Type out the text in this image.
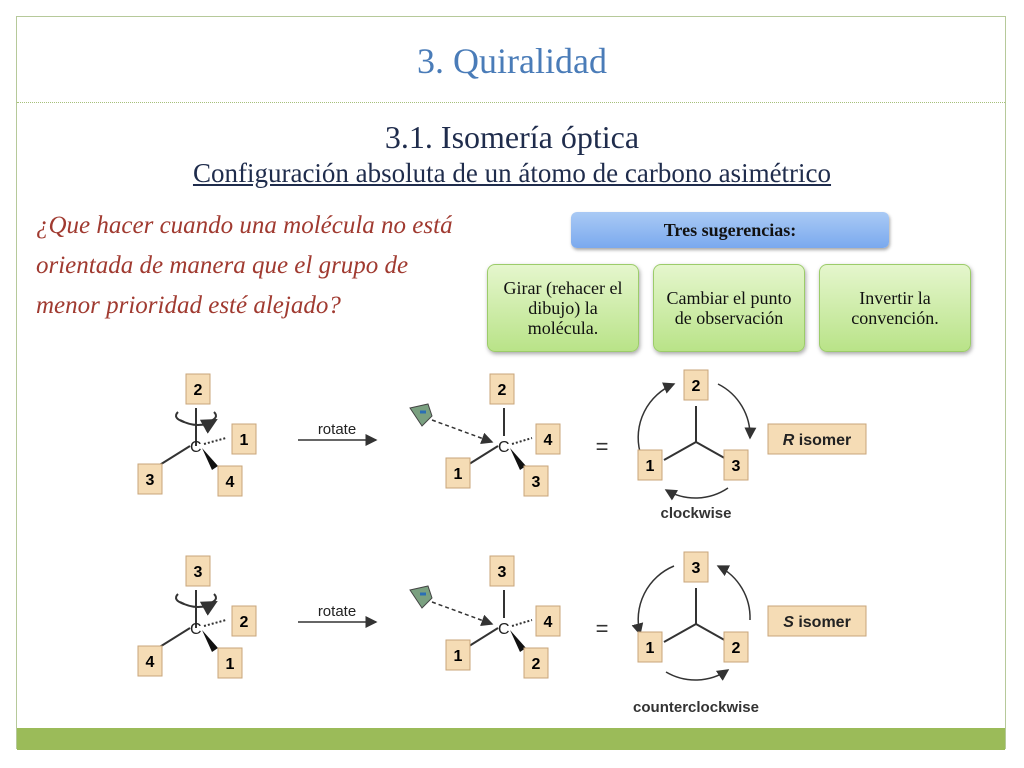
3. Quiralidad
3.1. Isomería óptica
Configuración absoluta de un átomo de carbono asimétrico
¿Que hacer cuando una molécula no está orientada de manera que el grupo de menor prioridad esté alejado?
Tres sugerencias:
Girar (rehacer el dibujo) la molécula.
Cambiar el punto de observación
Invertir la convención.
C
2
1
3	4
rotate
C
2
4
1	3
=
2
1	3
clockwise
R isomer
C
3
2
4	1
rotate
C
3
4
1	2
=
3
1	2
counterclockwise
S isomer
